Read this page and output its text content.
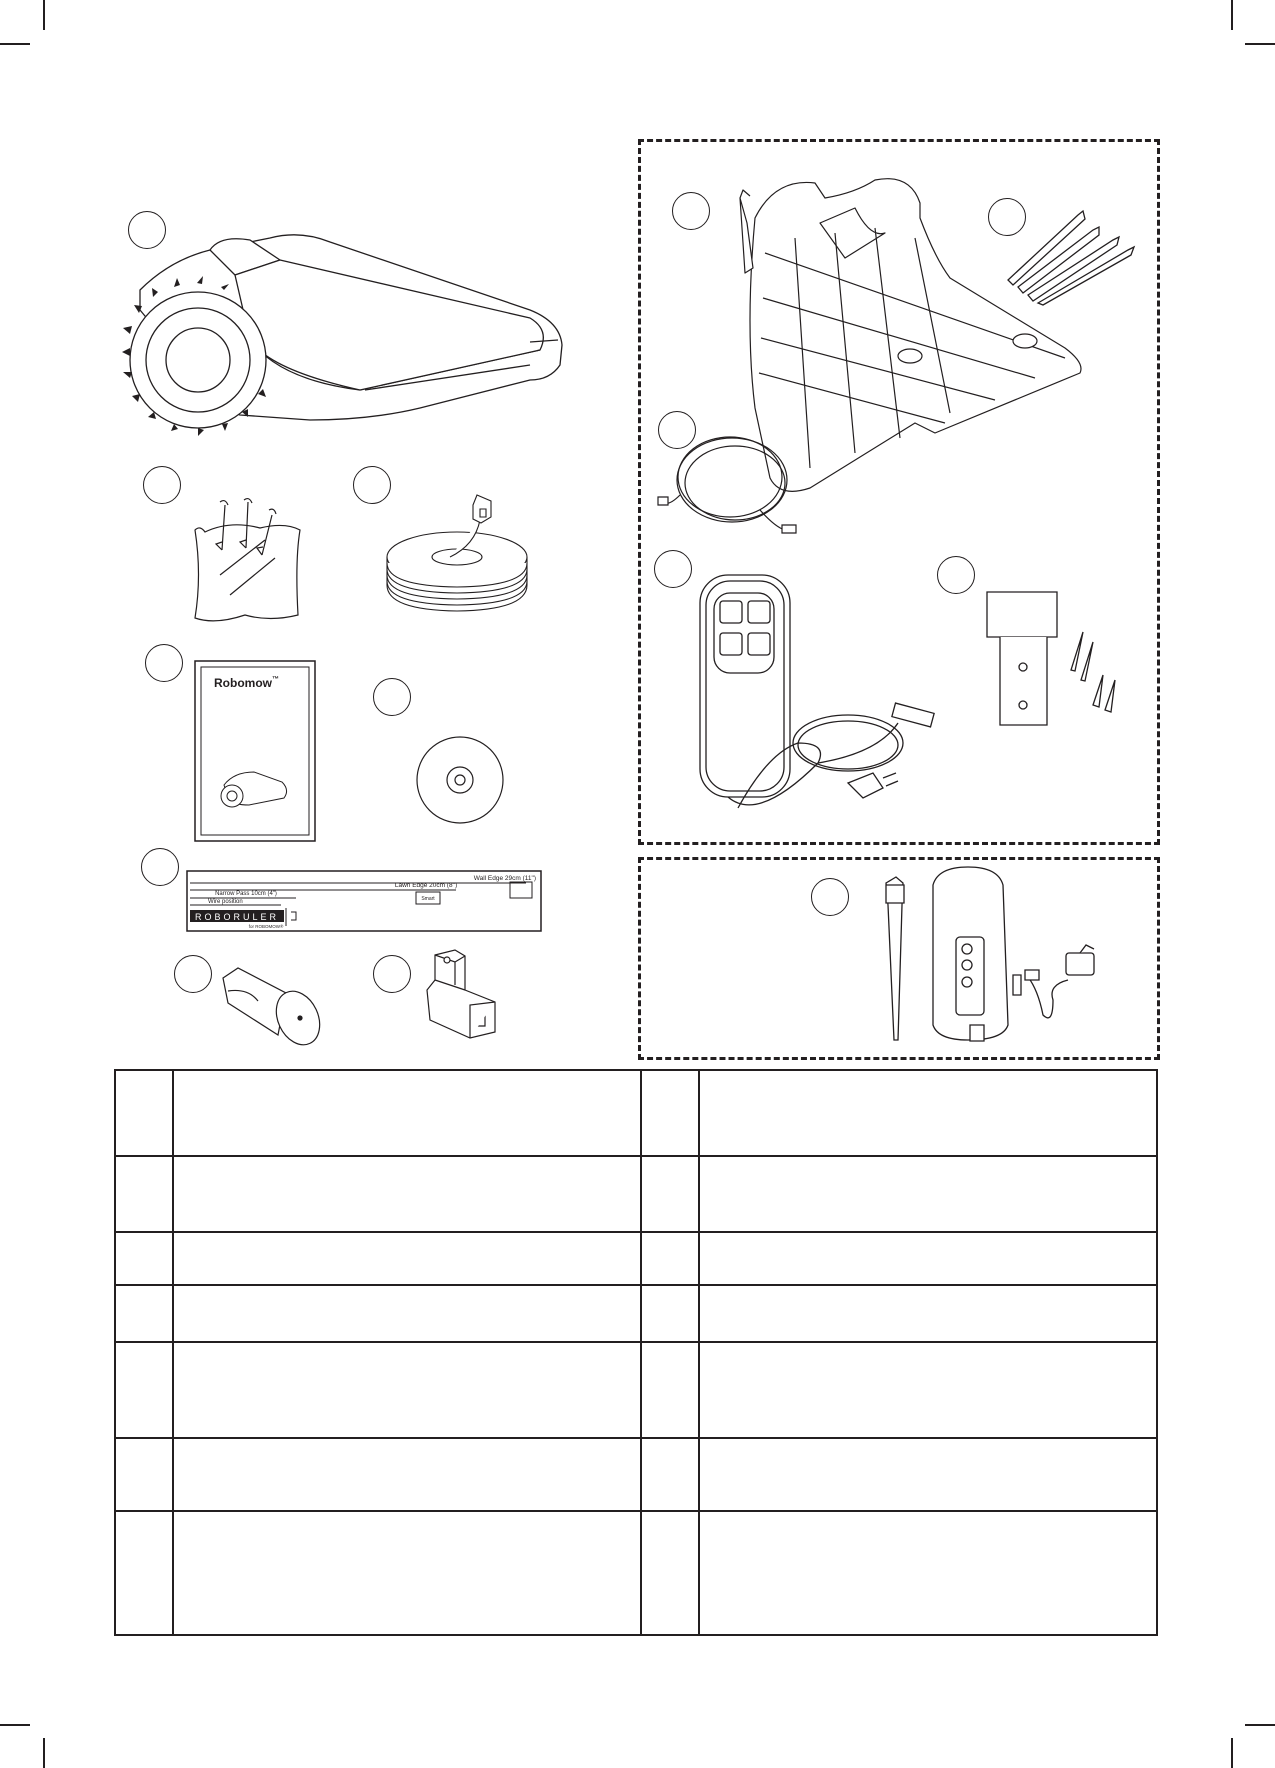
Robomow™
Wall Edge 29cm (11")
Lawn Edge 20cm (8")
Narrow Pass 10cm (4")
Wire position	Smart
ROBORULER
for ROBOMOW®
